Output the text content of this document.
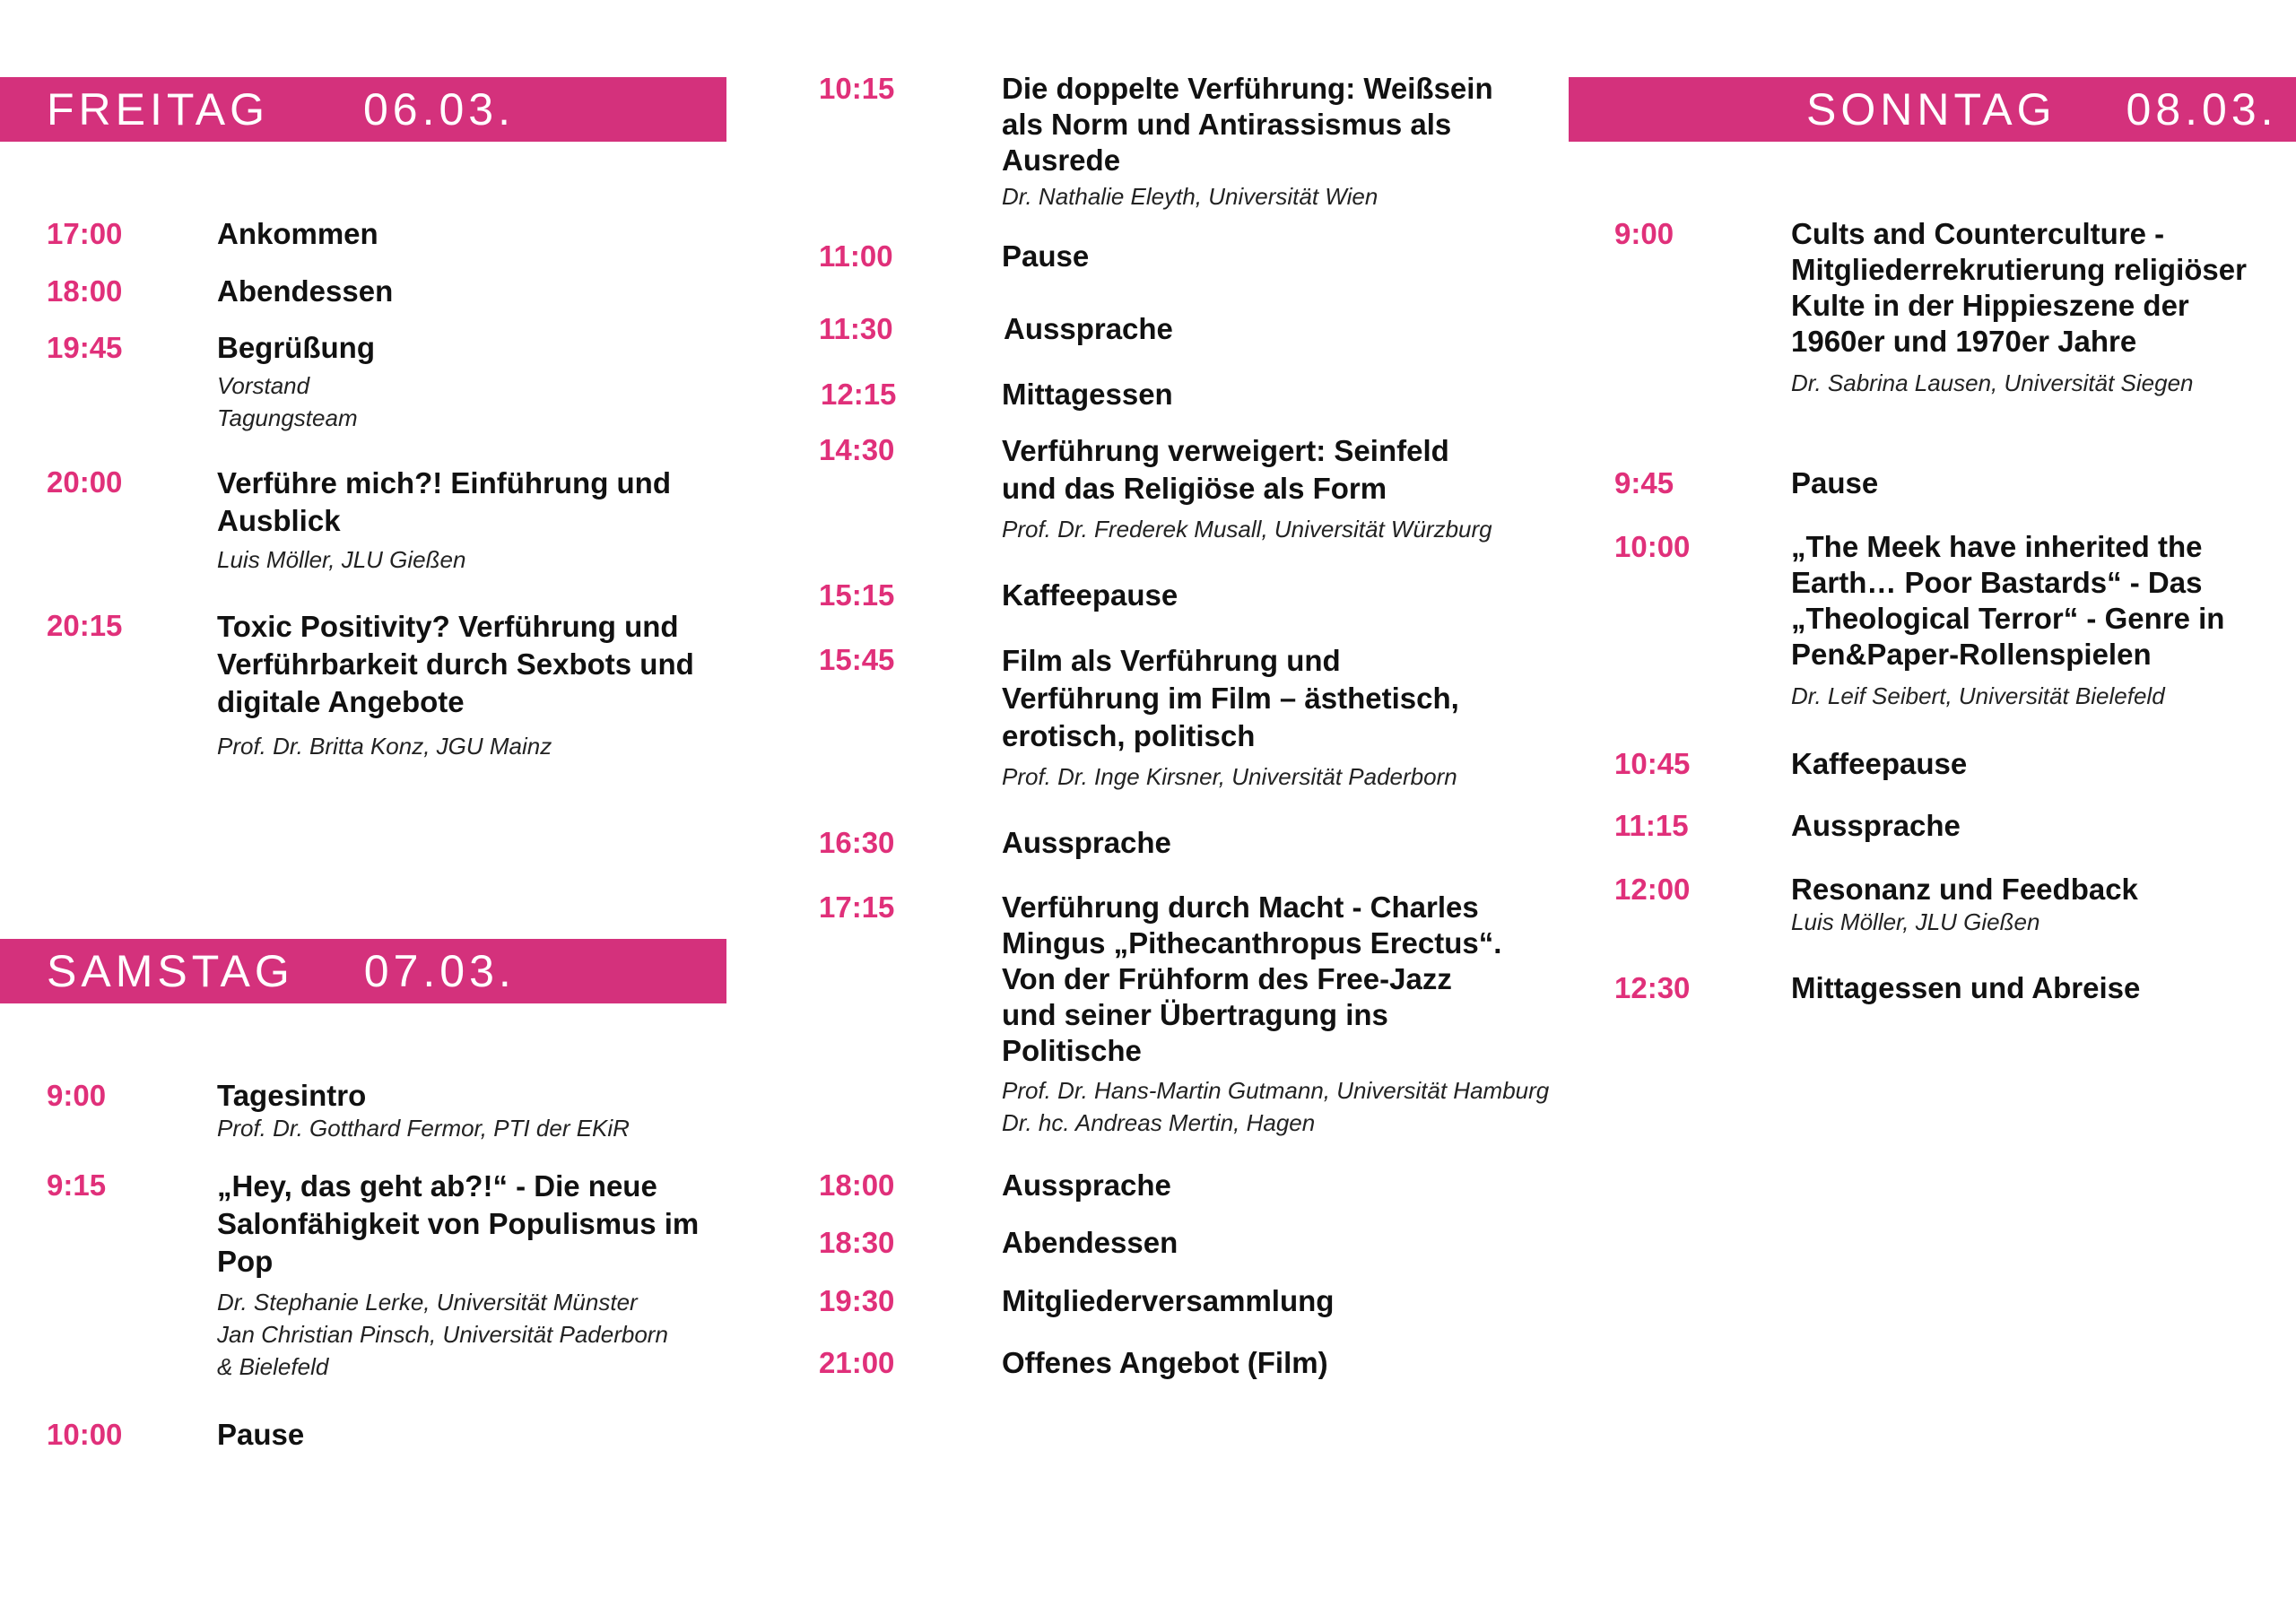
FREITAG 06.03.
SAMSTAG 07.03.
SONNTAG 08.03.
17:00	Ankommen
18:00	Abendessen
19:45	Begrüßung
Vorstand
Tagungsteam
20:00	Verführe mich?! Einführung und Ausblick
Luis Möller, JLU Gießen
20:15	Toxic Positivity? Verführung und Verführbarkeit durch Sexbots und digitale Angebote
Prof. Dr. Britta Konz, JGU Mainz
9:00	Tagesintro
Prof. Dr. Gotthard Fermor, PTI der EKiR
9:15	„Hey, das geht ab?!“ - Die neue Salonfähigkeit von Populismus im Pop
Dr. Stephanie Lerke, Universität Münster
Jan Christian Pinsch, Universität Paderborn
& Bielefeld
10:00	Pause
10:15	Die doppelte Verführung: Weißsein als Norm und Antirassismus als Ausrede
Dr. Nathalie Eleyth, Universität Wien
11:00	Pause
11:30	Aussprache
12:15	Mittagessen
14:30	Verführung verweigert: Seinfeld und das Religiöse als Form
Prof. Dr. Frederek Musall, Universität Würzburg
15:15	Kaffeepause
15:45	Film als Verführung und Verführung im Film – ästhetisch, erotisch, politisch
Prof. Dr. Inge Kirsner, Universität Paderborn
16:30	Aussprache
17:15	Verführung durch Macht - Charles Mingus „Pithecanthropus Erectus“. Von der Frühform des Free-Jazz und seiner Übertragung ins Politische
Prof. Dr. Hans-Martin Gutmann, Universität Hamburg
Dr. hc. Andreas Mertin, Hagen
18:00	Aussprache
18:30	Abendessen
19:30	Mitgliederversammlung
21:00	Offenes Angebot (Film)
9:00	Cults and Counterculture - Mitgliederrekrutierung religiöser Kulte in der Hippieszene der 1960er und 1970er Jahre
Dr. Sabrina Lausen, Universität Siegen
9:45	Pause
10:00	„The Meek have inherited the Earth… Poor Bastards“ - Das „Theological Terror“ - Genre in Pen&Paper-Rollenspielen
Dr. Leif Seibert, Universität Bielefeld
10:45	Kaffeepause
11:15	Aussprache
12:00	Resonanz und Feedback
Luis Möller, JLU Gießen
12:30	Mittagessen und Abreise
